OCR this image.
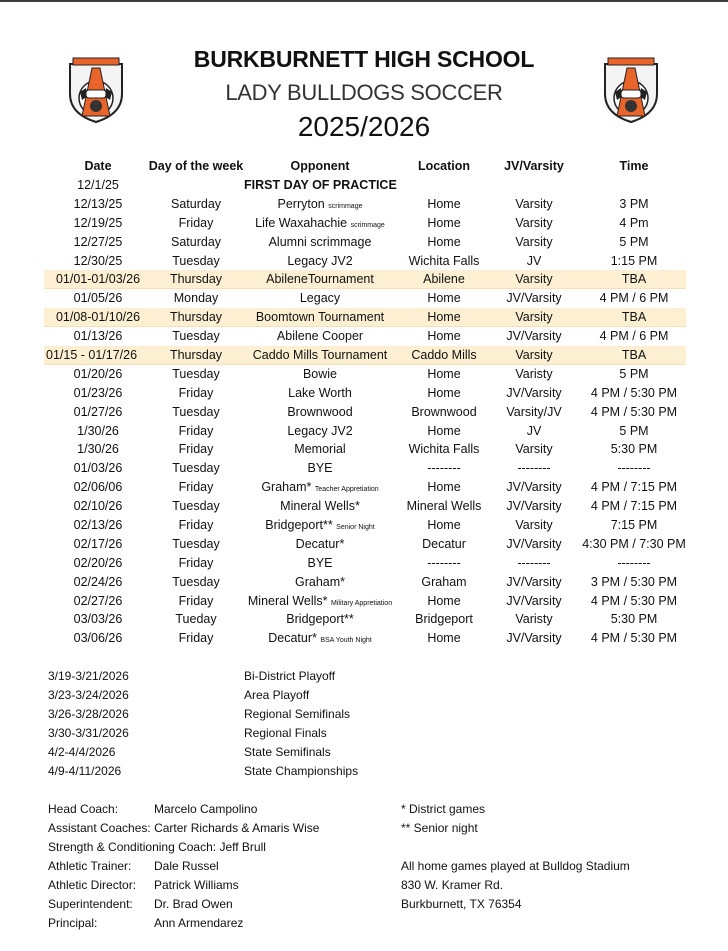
BURKBURNETT HIGH SCHOOL
LADY BULLDOGS SOCCER
2025/2026
Date	Day of the week	Opponent	Location	JV/Varsity	Time
12/1/25	FIRST DAY OF PRACTICE
12/13/25	Saturday	Perryton scrimmage	Home	Varsity	3 PM
12/19/25	Friday	Life Waxahachie scrimmage	Home	Varsity	4 Pm
12/27/25	Saturday	Alumni scrimmage	Home	Varsity	5 PM
12/30/25	Tuesday	Legacy JV2	Wichita Falls	JV	1:15 PM
01/01-01/03/26	Thursday	AbileneTournament	Abilene	Varsity	TBA
01/05/26	Monday	Legacy	Home	JV/Varsity	4 PM / 6 PM
01/08-01/10/26	Thursday	Boomtown Tournament	Home	Varsity	TBA
01/13/26	Tuesday	Abilene Cooper	Home	JV/Varsity	4 PM / 6 PM
01/15 - 01/17/26	Thursday	Caddo Mills Tournament	Caddo Mills	Varsity	TBA
01/20/26	Tuesday	Bowie	Home	Varisty	5 PM
01/23/26	Friday	Lake Worth	Home	JV/Varsity	4 PM / 5:30 PM
01/27/26	Tuesday	Brownwood	Brownwood	Varsity/JV	4 PM / 5:30 PM
1/30/26	Friday	Legacy JV2	Home	JV	5 PM
1/30/26	Friday	Memorial	Wichita Falls	Varsity	5:30 PM
01/03/26	Tuesday	BYE	--------	--------	--------
02/06/06	Friday	Graham* Teacher Appretiation	Home	JV/Varsity	4 PM / 7:15 PM
02/10/26	Tuesday	Mineral Wells*	Mineral Wells	JV/Varsity	4 PM / 7:15 PM
02/13/26	Friday	Bridgeport** Senior Night	Home	Varsity	7:15 PM
02/17/26	Tuesday	Decatur*	Decatur	JV/Varsity	4:30 PM / 7:30 PM
02/20/26	Friday	BYE	--------	--------	--------
02/24/26	Tuesday	Graham*	Graham	JV/Varsity	3 PM / 5:30 PM
02/27/26	Friday	Mineral Wells* Military Appretiation	Home	JV/Varsity	4 PM / 5:30 PM
03/03/26	Tueday	Bridgeport**	Bridgeport	Varisty	5:30 PM
03/06/26	Friday	Decatur* BSA Youth Night	Home	JV/Varsity	4 PM / 5:30 PM
3/19-3/21/2026	Bi-District Playoff
3/23-3/24/2026	Area Playoff
3/26-3/28/2026	Regional Semifinals
3/30-3/31/2026	Regional Finals
4/2-4/4/2026	State Semifinals
4/9-4/11/2026	State Championships
Head Coach:	Marcelo Campolino
Assistant Coaches: Carter Richards & Amaris Wise
Strength & Conditioning Coach: Jeff Brull
Athletic Trainer: Dale Russel
Athletic Director: Patrick Williams
Superintendent: Dr. Brad Owen
Principal:	Ann Armendarez
* District games
** Senior night
All home games played at Bulldog Stadium
830 W. Kramer Rd.
Burkburnett, TX 76354
